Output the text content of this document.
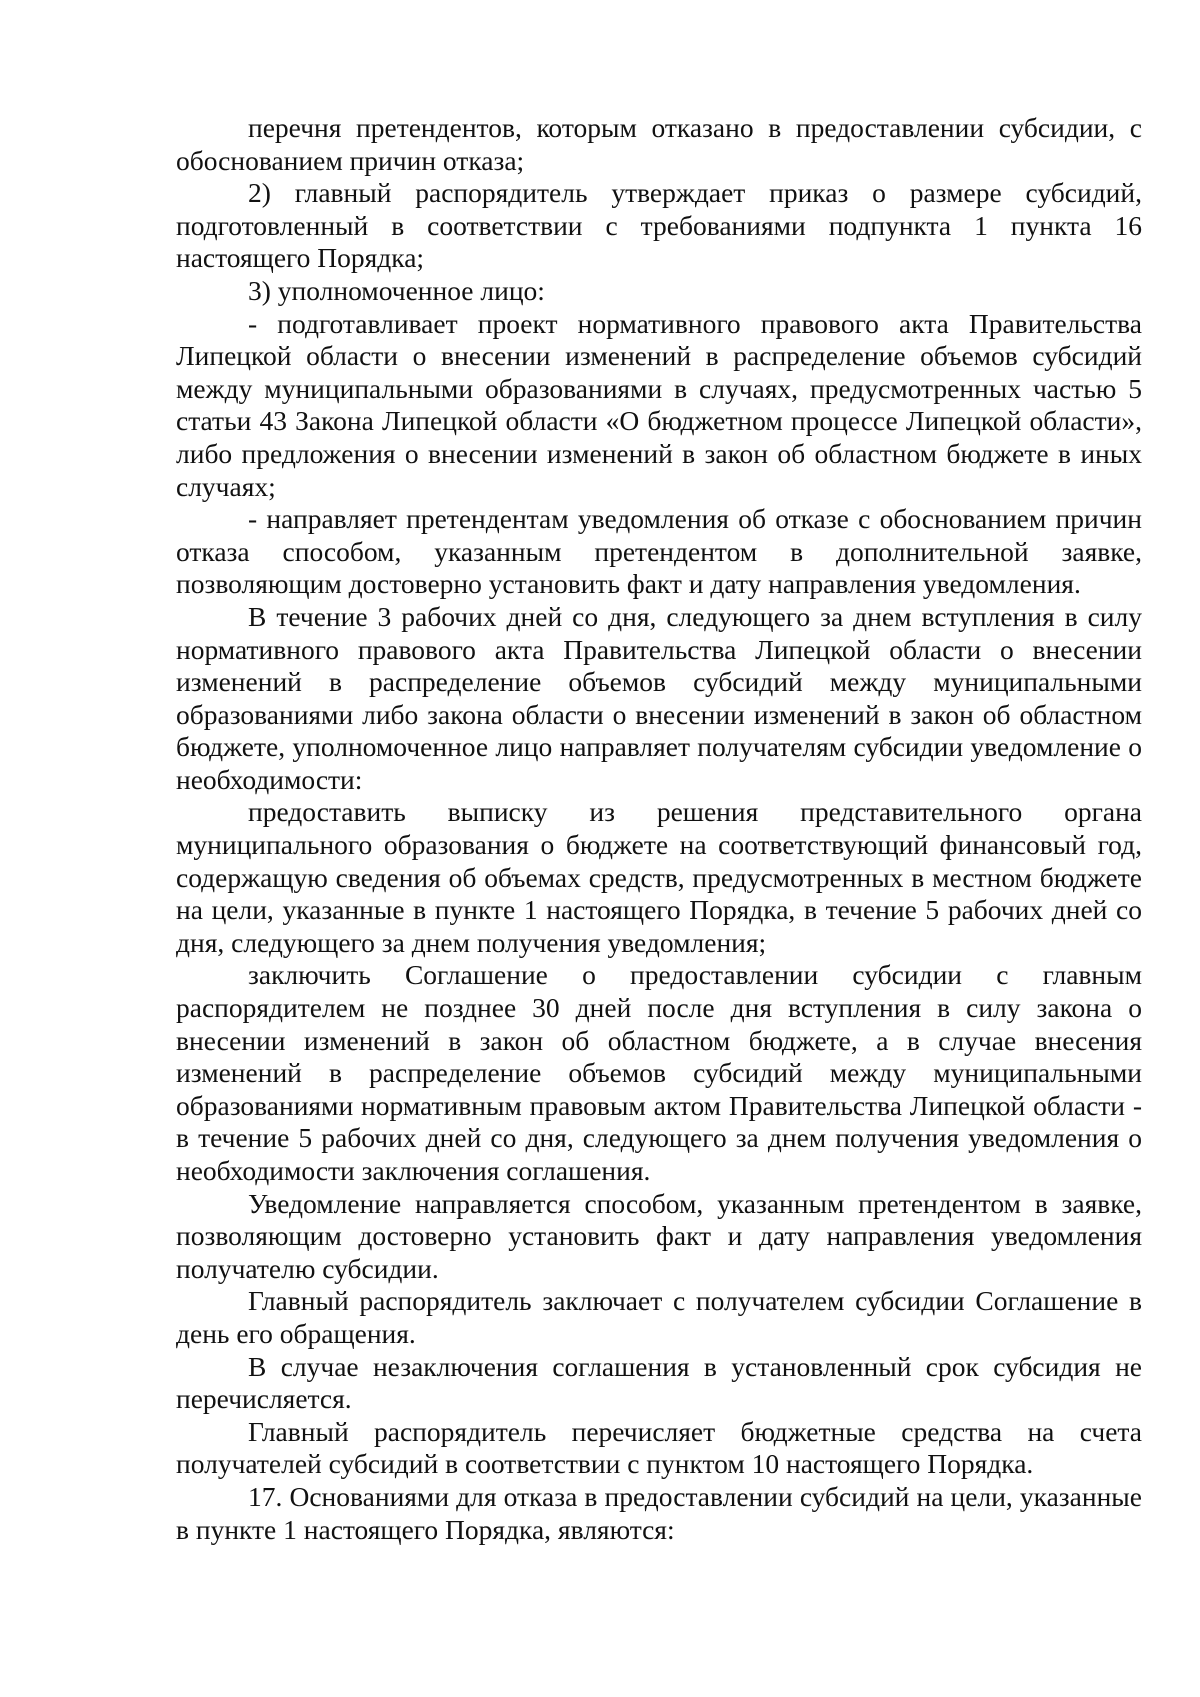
перечня претендентов, которым отказано в предоставлении субсидии, с обоснованием причин отказа;

2) главный распорядитель утверждает приказ о размере субсидий, подготовленный в соответствии с требованиями подпункта 1 пункта 16 настоящего Порядка;

3) уполномоченное лицо:

- подготавливает проект нормативного правового акта Правительства Липецкой области о внесении изменений в распределение объемов субсидий между муниципальными образованиями в случаях, предусмотренных частью 5 статьи 43 Закона Липецкой области «О бюджетном процессе Липецкой области», либо предложения о внесении изменений в закон об областном бюджете в иных случаях;

- направляет претендентам уведомления об отказе с обоснованием причин отказа способом, указанным претендентом в дополнительной заявке, позволяющим достоверно установить факт и дату направления уведомления.

В течение 3 рабочих дней со дня, следующего за днем вступления в силу нормативного правового акта Правительства Липецкой области о внесении изменений в распределение объемов субсидий между муниципальными образованиями либо закона области о внесении изменений в закон об областном бюджете, уполномоченное лицо направляет получателям субсидии уведомление о необходимости:

предоставить выписку из решения представительного органа муниципального образования о бюджете на соответствующий финансовый год, содержащую сведения об объемах средств, предусмотренных в местном бюджете на цели, указанные в пункте 1 настоящего Порядка, в течение 5 рабочих дней со дня, следующего за днем получения уведомления;

заключить Соглашение о предоставлении субсидии с главным распорядителем не позднее 30 дней после дня вступления в силу закона о внесении изменений в закон об областном бюджете, а в случае внесения изменений в распределение объемов субсидий между муниципальными образованиями нормативным правовым актом Правительства Липецкой области - в течение 5 рабочих дней со дня, следующего за днем получения уведомления о необходимости заключения соглашения.

Уведомление направляется способом, указанным претендентом в заявке, позволяющим достоверно установить факт и дату направления уведомления получателю субсидии.

Главный распорядитель заключает с получателем субсидии Соглашение в день его обращения.

В случае незаключения соглашения в установленный срок субсидия не перечисляется.

Главный распорядитель перечисляет бюджетные средства на счета получателей субсидий в соответствии с пунктом 10 настоящего Порядка.

17. Основаниями для отказа в предоставлении субсидий на цели, указанные в пункте 1 настоящего Порядка, являются:
